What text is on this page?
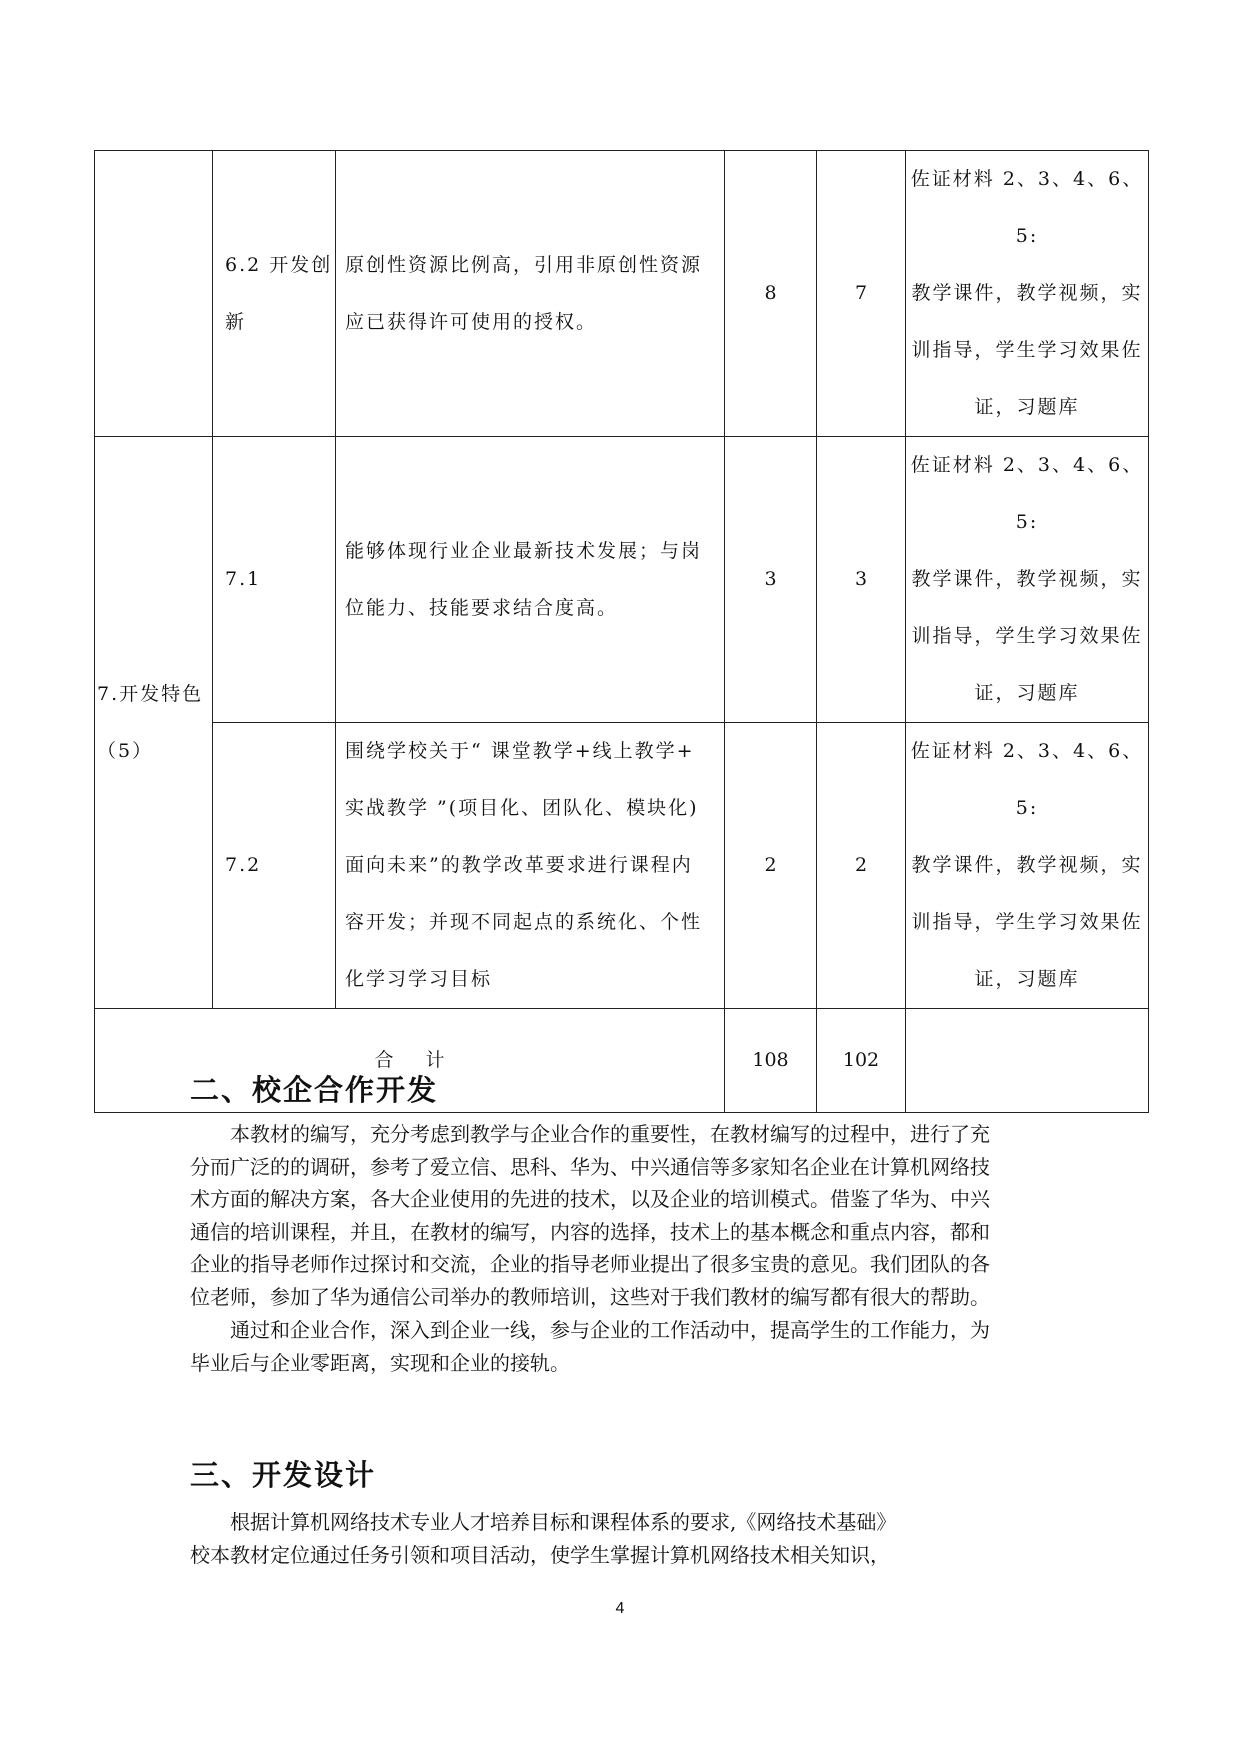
	6.2 开发创
新	原创性资源比例高，引用非原创性资源
应已获得许可使用的授权。	8	7	佐证材料 2、3、4、6、5:
教学课件，教学视频，实
训指导，学生学习效果佐
证，习题库

7.开发特色
（5）	7.1	能够体现行业企业最新技术发展；与岗
位能力、技能要求结合度高。	3	3	佐证材料 2、3、4、6、5:
教学课件，教学视频，实
训指导，学生学习效果佐
证，习题库

	7.2	围绕学校关于“ 课堂教学+线上教学+
实战教学 ”(项目化、团队化、模块化)
面向未来”的教学改革要求进行课程内
容开发；并现不同起点的系统化、个性
化学习学习目标	2	2	佐证材料 2、3、4、6、5:
教学课件，教学视频，实
训指导，学生学习效果佐
证，习题库

合计			108	102	
二、校企合作开发

本教材的编写，充分考虑到教学与企业合作的重要性，在教材编写的过程中，进行了充
分而广泛的的调研，参考了爱立信、思科、华为、中兴通信等多家知名企业在计算机网络技
术方面的解决方案，各大企业使用的先进的技术，以及企业的培训模式。借鉴了华为、中兴
通信的培训课程，并且，在教材的编写，内容的选择，技术上的基本概念和重点内容，都和
企业的指导老师作过探讨和交流，企业的指导老师业提出了很多宝贵的意见。我们团队的各
位老师，参加了华为通信公司举办的教师培训，这些对于我们教材的编写都有很大的帮助。

通过和企业合作，深入到企业一线，参与企业的工作活动中，提高学生的工作能力，为
毕业后与企业零距离，实现和企业的接轨。

三、开发设计

根据计算机网络技术专业人才培养目标和课程体系的要求,《网络技术基础》
校本教材定位通过任务引领和项目活动，使学生掌握计算机网络技术相关知识，

4
